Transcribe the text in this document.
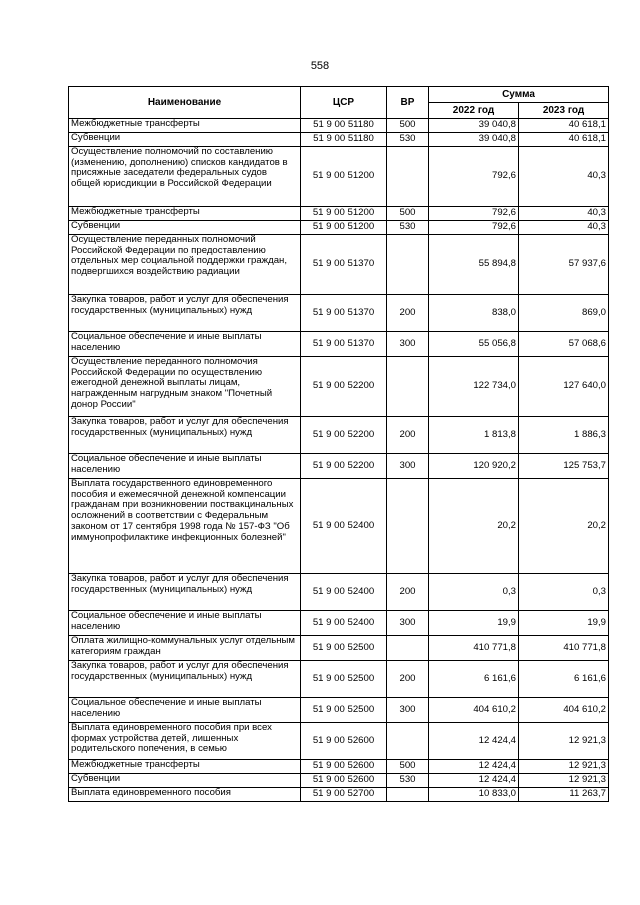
558
Наименование	ЦСР	ВР	Сумма	
			2022 год	2023 год
Межбюджетные трансферты	51 9 00 51180	500	39 040,8	40 618,1
Субвенции	51 9 00 51180	530	39 040,8	40 618,1
Осуществление полномочий по составлению (изменению, дополнению) списков кандидатов в присяжные заседатели федеральных судов общей юрисдикции в Российской Федерации	51 9 00 51200		792,6	40,3
Межбюджетные трансферты	51 9 00 51200	500	792,6	40,3
Субвенции	51 9 00 51200	530	792,6	40,3
Осуществление переданных полномочий Российской Федерации по предоставлению отдельных мер социальной поддержки граждан, подвергшихся воздействию радиации	51 9 00 51370		55 894,8	57 937,6
Закупка товаров, работ и услуг для обеспечения государственных (муниципальных) нужд	51 9 00 51370	200	838,0	869,0
Социальное обеспечение и иные выплаты населению	51 9 00 51370	300	55 056,8	57 068,6
Осуществление переданного полномочия Российской Федерации по осуществлению ежегодной денежной выплаты лицам, награжденным нагрудным знаком "Почетный донор России"	51 9 00 52200		122 734,0	127 640,0
Закупка товаров, работ и услуг для обеспечения государственных (муниципальных) нужд	51 9 00 52200	200	1 813,8	1 886,3
Социальное обеспечение и иные выплаты населению	51 9 00 52200	300	120 920,2	125 753,7
Выплата государственного единовременного пособия и ежемесячной денежной компенсации гражданам при возникновении поствакцинальных осложнений в соответствии с Федеральным законом от 17 сентября 1998 года № 157-ФЗ "Об иммунопрофилактике инфекционных болезней"	51 9 00 52400		20,2	20,2
Закупка товаров, работ и услуг для обеспечения государственных (муниципальных) нужд	51 9 00 52400	200	0,3	0,3
Социальное обеспечение и иные выплаты населению	51 9 00 52400	300	19,9	19,9
Оплата жилищно-коммунальных услуг отдельным категориям граждан	51 9 00 52500		410 771,8	410 771,8
Закупка товаров, работ и услуг для обеспечения государственных (муниципальных) нужд	51 9 00 52500	200	6 161,6	6 161,6
Социальное обеспечение и иные выплаты населению	51 9 00 52500	300	404 610,2	404 610,2
Выплата единовременного пособия при всех формах устройства детей, лишенных родительского попечения, в семью	51 9 00 52600		12 424,4	12 921,3
Межбюджетные трансферты	51 9 00 52600	500	12 424,4	12 921,3
Субвенции	51 9 00 52600	530	12 424,4	12 921,3
Выплата единовременного пособия	51 9 00 52700		10 833,0	11 263,7
